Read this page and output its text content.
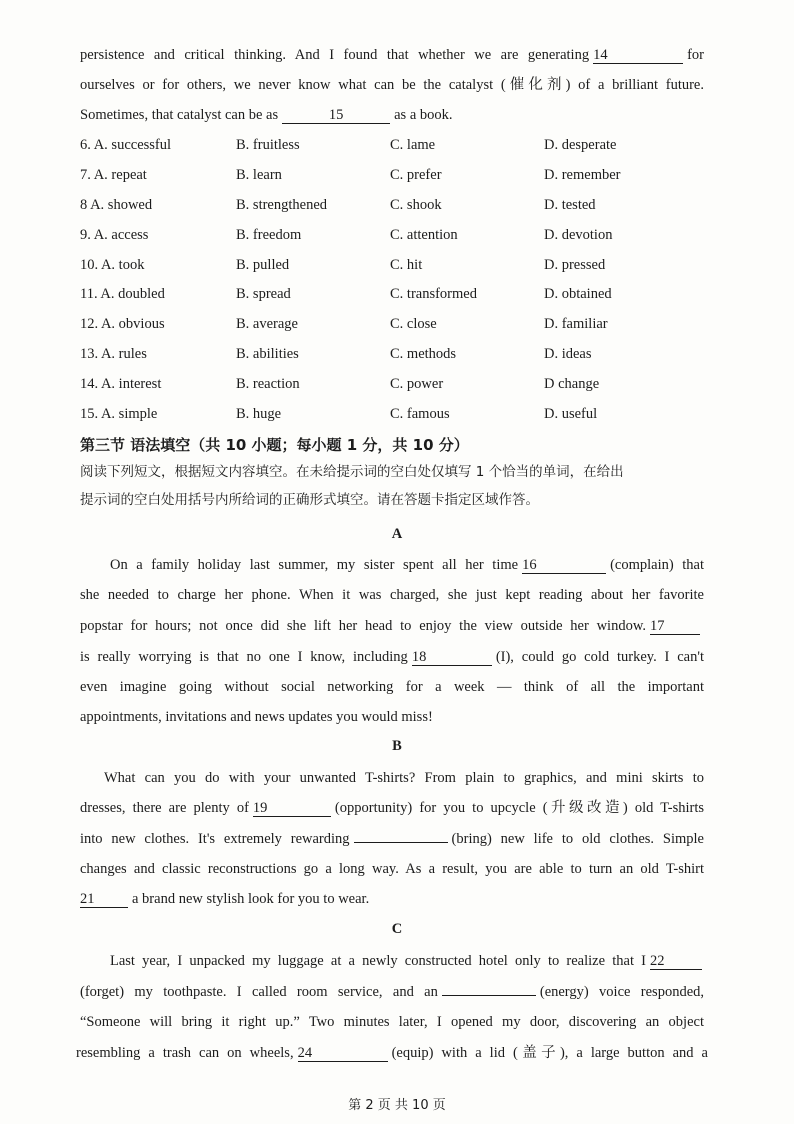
persistence and critical thinking. And I found that whether we are generating 14	for
ourselves or for others, we never know what can be the catalyst (催化剂) of a brilliant future.
Sometimes, that catalyst can be as	15	as a book.
6. A. successful	B. fruitless	C. lame	D. desperate
7. A. repeat	B. learn	C. prefer	D. remember
8 A. showed	B. strengthened	C. shook	D. tested
9. A. access	B. freedom	C. attention	D. devotion
10. A. took	B. pulled	C. hit	D. pressed
11. A. doubled	B. spread	C. transformed	D. obtained
12. A. obvious	B. average	C. close	D. familiar
13. A. rules	B. abilities	C. methods	D. ideas
14. A. interest	B. reaction	C. power	D change
15. A. simple	B. huge	C. famous	D. useful
第三节 语法填空（共 10 小题；每小题 1 分，共 10 分）
阅读下列短文，根据短文内容填空。在未给提示词的空白处仅填写 1 个恰当的单词，在给出
提示词的空白处用括号内所给词的正确形式填空。请在答题卡指定区域作答。
A
On a family holiday last summer, my sister spent all her time 16	(complain) that
she needed to charge her phone. When it was charged, she just kept reading about her favorite
popstar for hours; not once did she lift her head to enjoy the view outside her window. 17
is really worrying is that no one I know, including 18	(I), could go cold turkey. I can't
even imagine going without social networking for a week — think of all the important
appointments, invitations and news updates you would miss!
B
What can you do with your unwanted T-shirts? From plain to graphics, and mini skirts to
dresses, there are plenty of 19	(opportunity) for you to upcycle (升级改造) old T-shirts
into new clothes. It's extremely rewarding	(bring) new life to old clothes. Simple
changes and classic reconstructions go a long way. As a result, you are able to turn an old T-shirt
21	a brand new stylish look for you to wear.
C
Last year, I unpacked my luggage at a newly constructed hotel only to realize that I 22
(forget) my toothpaste. I called room service, and an	(energy) voice responded,
“Someone will bring it right up.” Two minutes later, I opened my door, discovering an object
resembling a trash can on wheels, 24	(equip) with a lid (盖子), a large button and a
第 2 页 共 10 页
